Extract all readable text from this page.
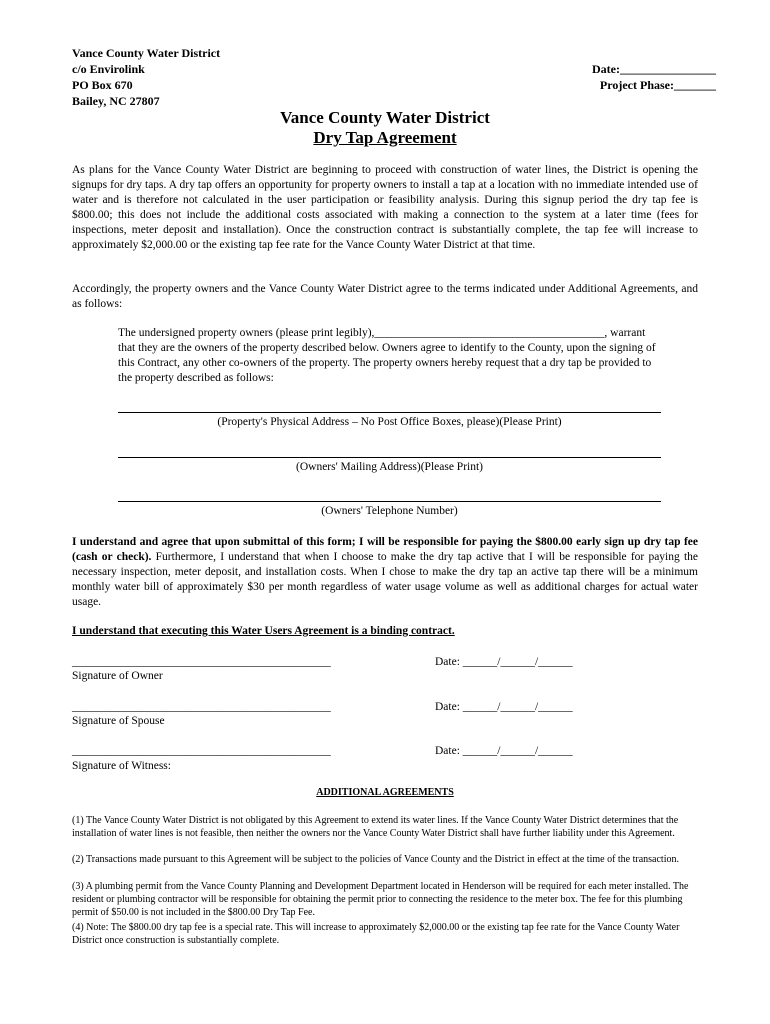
Vance County Water District
c/o Envirolink
PO Box 670
Bailey, NC 27807
Date:________________
Project Phase:_______
Vance County Water District
Dry Tap Agreement
As plans for the Vance County Water District are beginning to proceed with construction of water lines, the District is opening the signups for dry taps. A dry tap offers an opportunity for property owners to install a tap at a location with no immediate intended use of water and is therefore not calculated in the user participation or feasibility analysis. During this signup period the dry tap fee is $800.00; this does not include the additional costs associated with making a connection to the system at a later time (fees for inspections, meter deposit and installation). Once the construction contract is substantially complete, the tap fee will increase to approximately $2,000.00 or the existing tap fee rate for the Vance County Water District at that time.
Accordingly, the property owners and the Vance County Water District agree to the terms indicated under Additional Agreements, and as follows:
The undersigned property owners (please print legibly),________________________________________, warrant that they are the owners of the property described below. Owners agree to identify to the County, upon the signing of this Contract, any other co-owners of the property. The property owners hereby request that a dry tap be provided to the property described as follows:
(Property's Physical Address – No Post Office Boxes, please)(Please Print)
(Owners' Mailing Address)(Please Print)
(Owners' Telephone Number)
I understand and agree that upon submittal of this form; I will be responsible for paying the $800.00 early sign up dry tap fee (cash or check). Furthermore, I understand that when I choose to make the dry tap active that I will be responsible for paying the necessary inspection, meter deposit, and installation costs. When I chose to make the dry tap an active tap there will be a minimum monthly water bill of approximately $30 per month regardless of water usage volume as well as additional charges for actual water usage.
I understand that executing this Water Users Agreement is a binding contract.
_____________________________________________	Date: ______/______/______
Signature of Owner
_____________________________________________	Date: ______/______/______
Signature of Spouse
_____________________________________________	Date: ______/______/______
Signature of Witness:
ADDITIONAL AGREEMENTS
(1) The Vance County Water District is not obligated by this Agreement to extend its water lines. If the Vance County Water District determines that the installation of water lines is not feasible, then neither the owners nor the Vance County Water District shall have further liability under this Agreement.
(2) Transactions made pursuant to this Agreement will be subject to the policies of Vance County and the District in effect at the time of the transaction.
(3) A plumbing permit from the Vance County Planning and Development Department located in Henderson will be required for each meter installed. The resident or plumbing contractor will be responsible for obtaining the permit prior to connecting the residence to the meter box. The fee for this plumbing permit of $50.00 is not included in the $800.00 Dry Tap Fee.
(4) Note: The $800.00 dry tap fee is a special rate. This will increase to approximately $2,000.00 or the existing tap fee rate for the Vance County Water District once construction is substantially complete.
